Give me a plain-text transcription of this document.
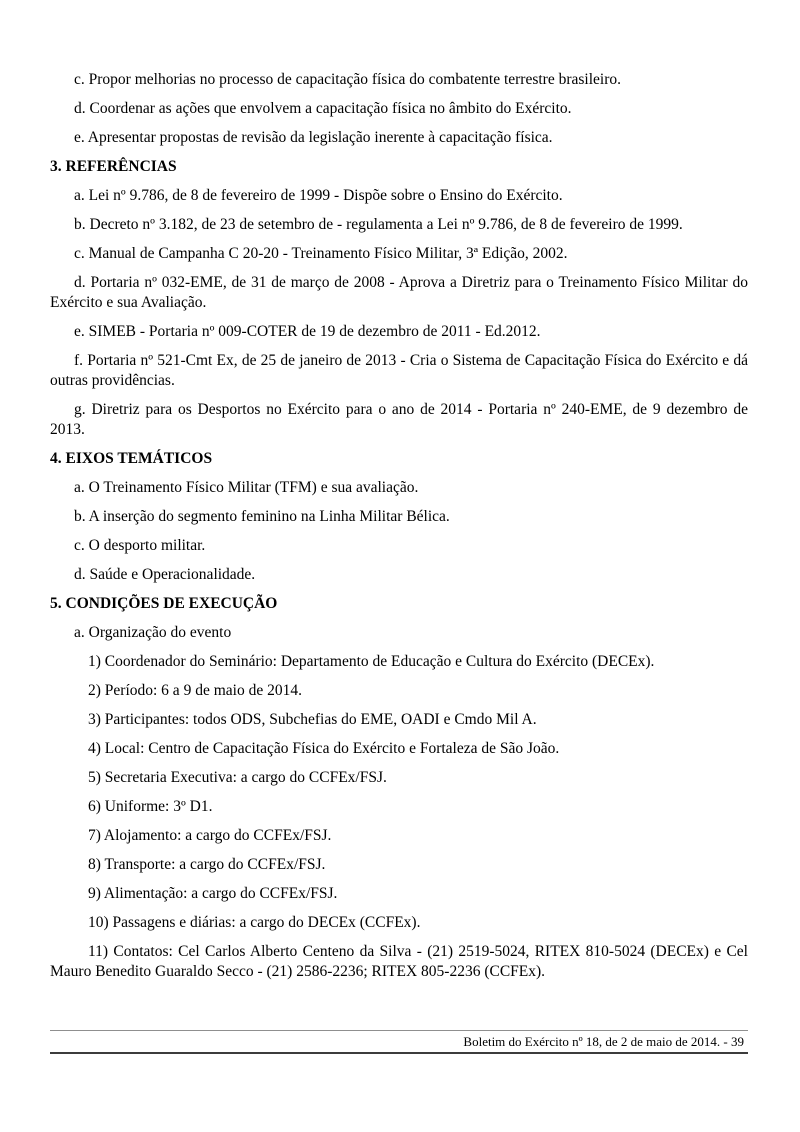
c. Propor melhorias no processo de capacitação física do combatente terrestre brasileiro.

d. Coordenar as ações que envolvem a capacitação física no âmbito do Exército.

e. Apresentar propostas de revisão da legislação inerente à capacitação física.

3. REFERÊNCIAS

a. Lei nº 9.786, de 8 de fevereiro de 1999 - Dispõe sobre o Ensino do Exército.

b. Decreto nº 3.182, de 23 de setembro de - regulamenta a Lei nº 9.786, de 8 de fevereiro de 1999.

c. Manual de Campanha C 20-20 - Treinamento Físico Militar, 3ª Edição, 2002.

d. Portaria nº 032-EME, de 31 de março de 2008 - Aprova a Diretriz para o Treinamento Físico Militar do Exército e sua Avaliação.

e. SIMEB - Portaria nº 009-COTER de 19 de dezembro de 2011 - Ed.2012.

f. Portaria nº 521-Cmt Ex, de 25 de janeiro de 2013 - Cria o Sistema de Capacitação Física do Exército e dá outras providências.

g. Diretriz para os Desportos no Exército para o ano de 2014 - Portaria nº 240-EME, de 9 dezembro de 2013.

4. EIXOS TEMÁTICOS

a. O Treinamento Físico Militar (TFM) e sua avaliação.

b. A inserção do segmento feminino na Linha Militar Bélica.

c. O desporto militar.

d. Saúde e Operacionalidade.

5. CONDIÇÕES DE EXECUÇÃO

a. Organização do evento

1) Coordenador do Seminário: Departamento de Educação e Cultura do Exército (DECEx).

2) Período: 6 a 9 de maio de 2014.

3) Participantes: todos ODS, Subchefias do EME, OADI e Cmdo Mil A.

4) Local: Centro de Capacitação Física do Exército e Fortaleza de São João.

5) Secretaria Executiva: a cargo do CCFEx/FSJ.

6) Uniforme: 3º D1.

7) Alojamento: a cargo do CCFEx/FSJ.

8) Transporte: a cargo do CCFEx/FSJ.

9) Alimentação: a cargo do CCFEx/FSJ.

10) Passagens e diárias: a cargo do DECEx (CCFEx).

11) Contatos: Cel Carlos Alberto Centeno da Silva - (21) 2519-5024, RITEX 810-5024 (DECEx) e Cel Mauro Benedito Guaraldo Secco - (21) 2586-2236; RITEX 805-2236 (CCFEx).

Boletim do Exército nº 18, de 2 de maio de 2014. - 39
